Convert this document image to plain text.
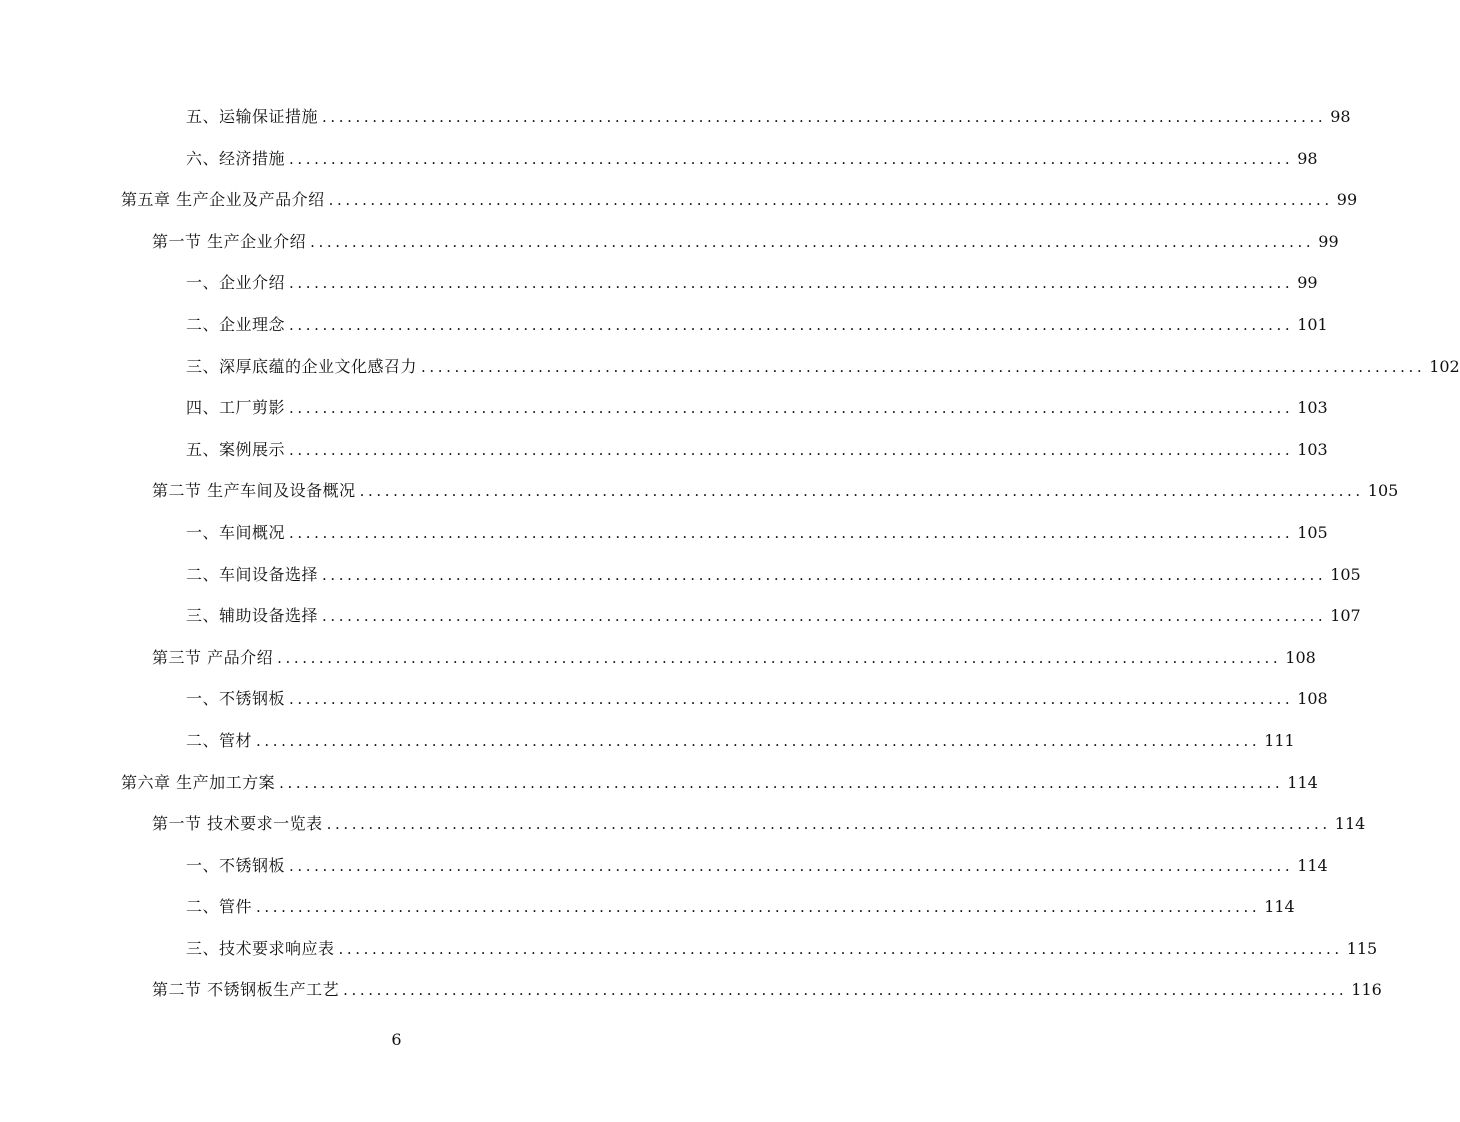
五、运输保证措施 ........................................................................................................................ 98
六、经济措施 ........................................................................................................................ 98
第五章 生产企业及产品介绍 ........................................................................................................................ 99
第一节 生产企业介绍 ........................................................................................................................ 99
一、企业介绍 ........................................................................................................................ 99
二、企业理念 ........................................................................................................................ 101
三、深厚底蕴的企业文化感召力 ........................................................................................................................ 102
四、工厂剪影 ........................................................................................................................ 103
五、案例展示 ........................................................................................................................ 103
第二节 生产车间及设备概况 ........................................................................................................................ 105
一、车间概况 ........................................................................................................................ 105
二、车间设备选择 ........................................................................................................................ 105
三、辅助设备选择 ........................................................................................................................ 107
第三节 产品介绍 ........................................................................................................................ 108
一、不锈钢板 ........................................................................................................................ 108
二、管材 ........................................................................................................................ 111
第六章 生产加工方案 ........................................................................................................................ 114
第一节 技术要求一览表 ........................................................................................................................ 114
一、不锈钢板 ........................................................................................................................ 114
二、管件 ........................................................................................................................ 114
三、技术要求响应表 ........................................................................................................................ 115
第二节 不锈钢板生产工艺 ........................................................................................................................ 116
6
